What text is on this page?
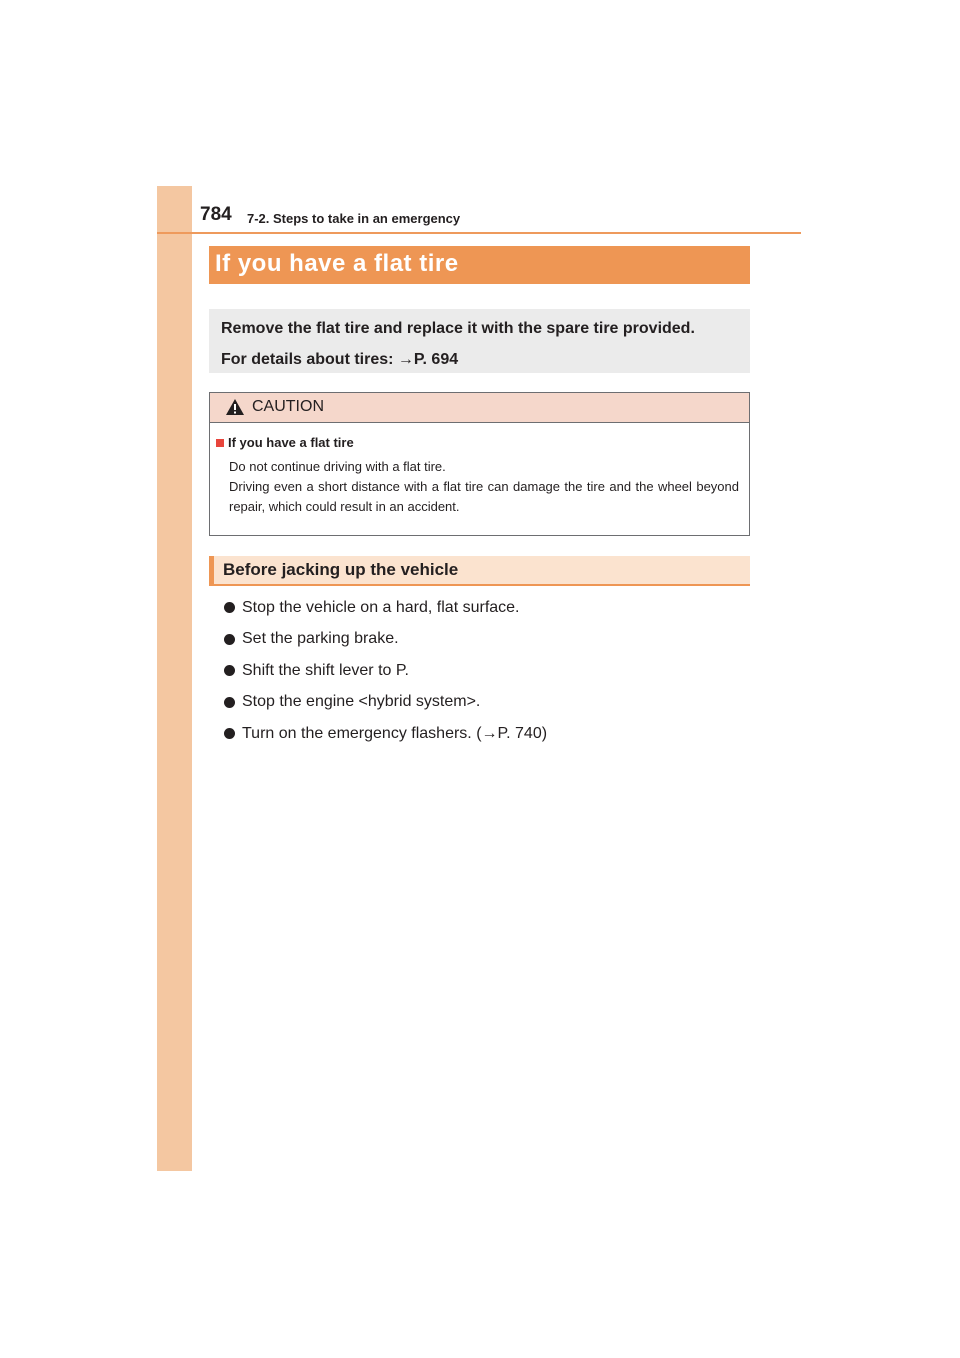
784 7-2. Steps to take in an emergency
If you have a flat tire
Remove the flat tire and replace it with the spare tire provided.
For details about tires: →P. 694
CAUTION
If you have a flat tire
Do not continue driving with a flat tire.
Driving even a short distance with a flat tire can damage the tire and the wheel beyond repair, which could result in an accident.
Before jacking up the vehicle
Stop the vehicle on a hard, flat surface.
Set the parking brake.
Shift the shift lever to P.
Stop the engine <hybrid system>.
Turn on the emergency flashers. (→P. 740)
